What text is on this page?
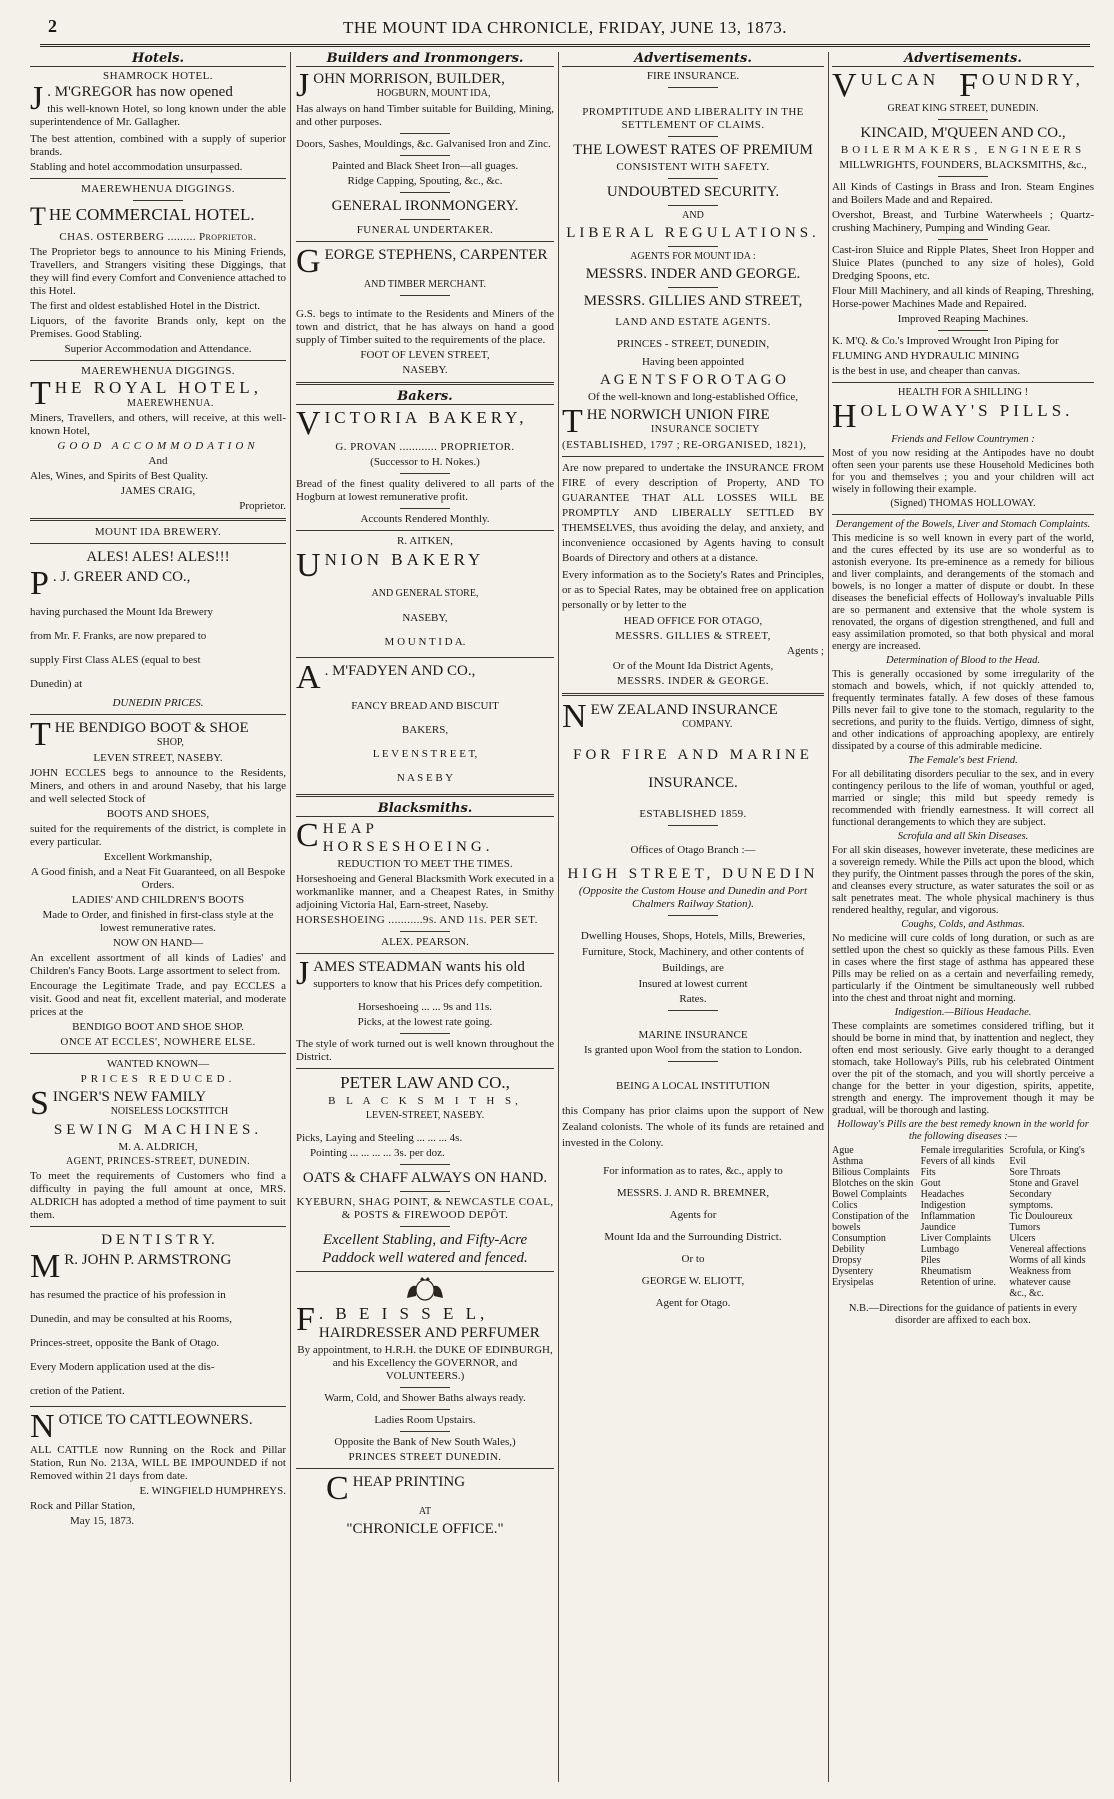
2	THE MOUNT IDA CHRONICLE, FRIDAY, JUNE 13, 1873.
Hotels.
SHAMROCK HOTEL.
J . M'GREGOR has now opened

this well-known Hotel, so long known under the able superintendence of Mr. Gallagher.

The best attention, combined with a supply of superior brands.

Stabling and hotel accommodation unsurpassed.

MAEREWHENUA DIGGINGS.
T HE COMMERCIAL HOTEL.

CHAS. OSTERBERG ......... Proprietor.

The Proprietor begs to announce to his Mining Friends, Travellers, and Strangers visiting these Diggings, that they will find every Comfort and Convenience attached to this Hotel.

The first and oldest established Hotel in the District.

Liquors, of the favorite Brands only, kept on the Premises. Good Stabling.

Superior Accommodation and Attendance.

MAEREWHENUA DIGGINGS.
T HE ROYAL HOTEL,
MAEREWHENUA.

Miners, Travellers, and others, will receive, at this well-known Hotel,

GOOD ACCOMMODATION

And

Ales, Wines, and Spirits of Best Quality.

JAMES CRAIG,

Proprietor.

MOUNT IDA BREWERY.

ALES! ALES! ALES!!!

P . J. GREER AND CO.,

having purchased the Mount Ida Brewery

from Mr. F. Franks, are now prepared to

supply First Class ALES (equal to best

Dunedin) at

DUNEDIN PRICES.

T HE BENDIGO BOOT & SHOE
SHOP,

LEVEN STREET, NASEBY.

JOHN ECCLES begs to announce to the Residents, Miners, and others in and around Naseby, that his large and well selected Stock of

BOOTS AND SHOES,

suited for the requirements of the district, is complete in every particular.

Excellent Workmanship,

A Good finish, and a Neat Fit Guaranteed, on all Bespoke Orders.

LADIES' AND CHILDREN'S BOOTS

Made to Order, and finished in first-class style at the lowest remunerative rates.

NOW ON HAND—

An excellent assortment of all kinds of Ladies' and Children's Fancy Boots. Large assortment to select from.

Encourage the Legitimate Trade, and pay ECCLES a visit. Good and neat fit, excellent material, and moderate prices at the

BENDIGO BOOT AND SHOE SHOP.

ONCE AT ECCLES', NOWHERE ELSE.

WANTED KNOWN—

PRICES REDUCED.

S INGER'S NEW FAMILY
NOISELESS LOCKSTITCH

SEWING MACHINES.

M. A. ALDRICH,

AGENT, PRINCES-STREET, DUNEDIN.

To meet the requirements of Customers who find a difficulty in paying the full amount at once, MRS. ALDRICH has adopted a method of time payment to suit them.

D E N T I S T R Y.

M R. JOHN P. ARMSTRONG

has resumed the practice of his profession in

Dunedin, and may be consulted at his Rooms,

Princes-street, opposite the Bank of Otago.

Every Modern application used at the dis-

cretion of the Patient.

N OTICE TO CATTLEOWNERS.

ALL CATTLE now Running on the Rock and Pillar Station, Run No. 213A, WILL BE IMPOUNDED if not Removed within 21 days from date.

E. WINGFIELD HUMPHREYS.

Rock and Pillar Station,

May 15, 1873.

Builders and Ironmongers.
J OHN MORRISON, BUILDER,
HOGBURN, MOUNT IDA,

Has always on hand Timber suitable for Building, Mining, and other purposes.

Doors, Sashes, Mouldings, &c. Galvanised Iron and Zinc.

Painted and Black Sheet Iron—all guages.

Ridge Capping, Spouting, &c., &c.

GENERAL IRONMONGERY.

FUNERAL UNDERTAKER.

G EORGE STEPHENS, CARPENTER

AND TIMBER MERCHANT.

G.S. begs to intimate to the Residents and Miners of the town and district, that he has always on hand a good supply of Timber suited to the requirements of the place.

FOOT OF LEVEN STREET,

NASEBY.

Bakers.
V ICTORIA BAKERY,

G. PROVAN ............ PROPRIETOR.

(Successor to H. Nokes.)

Bread of the finest quality delivered to all parts of the Hogburn at lowest remunerative profit.

Accounts Rendered Monthly.

R. AITKEN,

U NION BAKERY

AND GENERAL STORE,

NASEBY,

M O U N T I D A.

A . M'FADYEN AND CO.,

FANCY BREAD AND BISCUIT

BAKERS,

L E V E N S T R E E T,

N A S E B Y

Blacksmiths.
C HEAP HORSESHOEING.

REDUCTION TO MEET THE TIMES.

Horseshoeing and General Blacksmith Work executed in a workmanlike manner, and a Cheapest Rates, in Smithy adjoining Victoria Hal, Earn-street, Naseby.

HORSESHOEING ...........9s. AND 11s. PER SET.

ALEX. PEARSON.

J AMES STEADMAN wants his old

supporters to know that his Prices defy competition.

Horseshoeing ... ... 9s and 11s.

Picks, at the lowest rate going.

The style of work turned out is well known throughout the District.

PETER LAW AND CO.,

B L A C K S M I T H S,

LEVEN-STREET, NASEBY.

Picks, Laying and Steeling ... ... ... 4s.

Pointing ... ... ... ... 3s. per doz.

OATS & CHAFF ALWAYS ON HAND.

KYEBURN, SHAG POINT, & NEWCASTLE COAL, & POSTS & FIREWOOD DEPÔT.

Excellent Stabling, and Fifty-Acre Paddock well watered and fenced.

F . B E I S S E L,
HAIRDRESSER AND PERFUMER

By appointment, to H.R.H. the DUKE OF EDINBURGH, and his Excellency the GOVERNOR, and VOLUNTEERS.)

Warm, Cold, and Shower Baths always ready.

Ladies Room Upstairs.

Opposite the Bank of New South Wales,)

PRINCES STREET DUNEDIN.

C HEAP PRINTING

AT

"CHRONICLE OFFICE."

Advertisements.

FIRE INSURANCE.

PROMPTITUDE AND LIBERALITY IN THE SETTLEMENT OF CLAIMS.

THE LOWEST RATES OF PREMIUM

CONSISTENT WITH SAFETY.

UNDOUBTED SECURITY.

AND

LIBERAL REGULATIONS.

AGENTS FOR MOUNT IDA :

MESSRS. INDER AND GEORGE.

MESSRS. GILLIES AND STREET,

LAND AND ESTATE AGENTS.

PRINCES - STREET, DUNEDIN,

Having been appointed

A G E N T S F O R O T A G O

Of the well-known and long-established Office,

T HE NORWICH UNION FIRE
INSURANCE SOCIETY

(ESTABLISHED, 1797 ; RE-ORGANISED, 1821),

Are now prepared to undertake the INSURANCE FROM FIRE of every description of Property, AND TO GUARANTEE THAT ALL LOSSES WILL BE PROMPTLY AND LIBERALLY SETTLED BY THEMSELVES, thus avoiding the delay, and anxiety, and inconvenience occasioned by Agents having to consult Boards of Directory and others at a distance.

Every information as to the Society's Rates and Principles, or as to Special Rates, may be obtained free on application personally or by letter to the

HEAD OFFICE FOR OTAGO,

MESSRS. GILLIES & STREET,

Agents ;

Or of the Mount Ida District Agents,

MESSRS. INDER & GEORGE.

N EW ZEALAND INSURANCE
COMPANY.

FOR FIRE AND MARINE

INSURANCE.

ESTABLISHED 1859.

Offices of Otago Branch :—

HIGH STREET, DUNEDIN

(Opposite the Custom House and Dunedin and Port Chalmers Railway Station).

Dwelling Houses, Shops, Hotels, Mills, Breweries, Furniture, Stock, Machinery, and other contents of Buildings, are

Insured at lowest current

Rates.

MARINE INSURANCE

Is granted upon Wool from the station to London.

BEING A LOCAL INSTITUTION

this Company has prior claims upon the support of New Zealand colonists. The whole of its funds are retained and invested in the Colony.

For information as to rates, &c., apply to

MESSRS. J. AND R. BREMNER,

Agents for

Mount Ida and the Surrounding District.

Or to

GEORGE W. ELIOTT,

Agent for Otago.

Advertisements.
V ULCAN F OUNDRY,

GREAT KING STREET, DUNEDIN.

KINCAID, M'QUEEN AND CO.,

BOILERMAKERS, ENGINEERS

MILLWRIGHTS, FOUNDERS, BLACKSMITHS, &c.,

All Kinds of Castings in Brass and Iron. Steam Engines and Boilers Made and and Repaired.

Overshot, Breast, and Turbine Waterwheels ; Quartz-crushing Machinery, Pumping and Winding Gear.

Cast-iron Sluice and Ripple Plates, Sheet Iron Hopper and Sluice Plates (punched to any size of holes), Gold Dredging Spoons, etc.

Flour Mill Machinery, and all kinds of Reaping, Threshing, Horse-power Machines Made and Repaired.

Improved Reaping Machines.

K. M'Q. & Co.'s Improved Wrought Iron Piping for

FLUMING AND HYDRAULIC MINING

is the best in use, and cheaper than canvas.

HEALTH FOR A SHILLING !

H OLLOWAY'S PILLS.

Friends and Fellow Countrymen :

Most of you now residing at the Antipodes have no doubt often seen your parents use these Household Medicines both for you and themselves ; you and your children will act wisely in following their example.

(Signed) THOMAS HOLLOWAY.

Derangement of the Bowels, Liver and Stomach Complaints.

This medicine is so well known in every part of the world, and the cures effected by its use are so wonderful as to astonish everyone. Its pre-eminence as a remedy for bilious and liver complaints, and derangements of the stomach and bowels, is no longer a matter of dispute or doubt. In these diseases the beneficial effects of Holloway's invaluable Pills are so permanent and extensive that the whole system is renovated, the organs of digestion strengthened, and full and easy assimilation promoted, so that both physical and moral energy are increased.

Determination of Blood to the Head.

This is generally occasioned by some irregularity of the stomach and bowels, which, if not quickly attended to, frequently terminates fatally. A few doses of these famous Pills never fail to give tone to the stomach, regularity to the secretions, and purity to the fluids. Vertigo, dimness of sight, and other indications of approaching apoplexy, are entirely dissipated by a course of this admirable medicine.

The Female's best Friend.

For all debilitating disorders peculiar to the sex, and in every contingency perilous to the life of woman, youthful or aged, married or single; this mild but speedy remedy is recommended with friendly earnestness. It will correct all functional derangements to which they are subject.

Scrofula and all Skin Diseases.

For all skin diseases, however inveterate, these medicines are a sovereign remedy. While the Pills act upon the blood, which they purify, the Ointment passes through the pores of the skin, and cleanses every structure, as water saturates the soil or as salt penetrates meat. The whole physical machinery is thus rendered healthy, regular, and vigorous.

Coughs, Colds, and Asthmas.

No medicine will cure colds of long duration, or such as are settled upon the chest so quickly as these famous Pills. Even in cases where the first stage of asthma has appeared these Pills may be relied on as a certain and neverfailing remedy, particularly if the Ointment be simultaneously well rubbed into the chest and throat night and morning.

Indigestion.—Bilious Headache.

These complaints are sometimes considered trifling, but it should be borne in mind that, by inattention and neglect, they often end most seriously. Give early thought to a deranged stomach, take Holloway's Pills, rub his celebrated Ointment over the pit of the stomach, and you will shortly perceive a change for the better in your digestion, spirits, appetite, strength and energy. The improvement though it may be gradual, will be thorough and lasting.

Holloway's Pills are the best remedy known in the world for the following diseases :—

Ague
Asthma
Bilious Complaints
Blotches on the skin
Bowel Complaints
Colics
Constipation of the bowels
Consumption
Debility
Dropsy
Dysentery
Erysipelas
Female irregularities
Fevers of all kinds
Fits
Gout
Headaches
Indigestion
Inflammation
Jaundice
Liver Complaints
Lumbago
Piles
Rheumatism
Retention of urine.
Scrofula, or King's Evil
Sore Throats
Stone and Gravel
Secondary symptoms.
Tic Douloureux
Tumors
Ulcers
Venereal affections
Worms of all kinds
Weakness from whatever cause
&c., &c.

N.B.—Directions for the guidance of patients in every disorder are affixed to each box.
